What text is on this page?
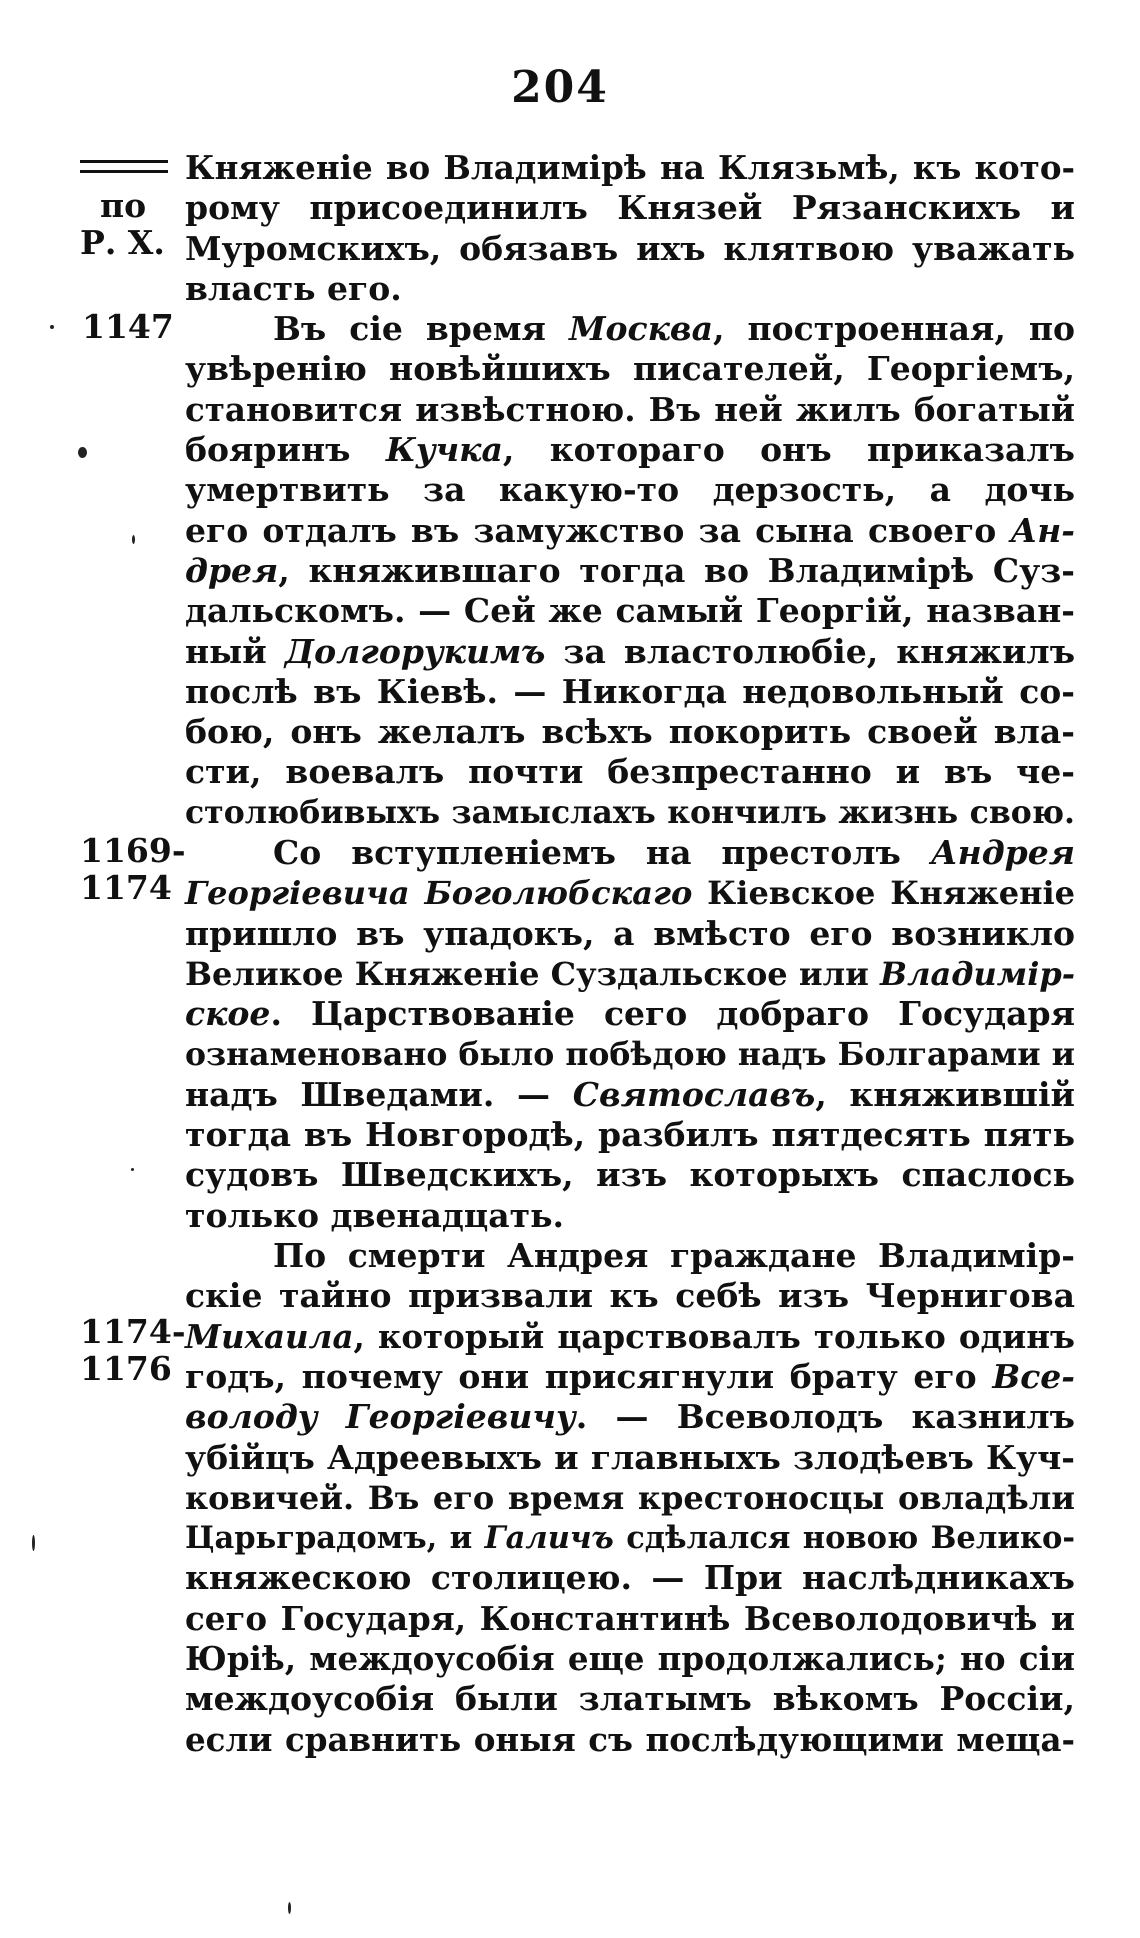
204

по
Р. Х.
1147
1169-
1174
1174-
1176

Княженіе во Владимірѣ на Клязьмѣ, къ кото-

рому присоединилъ Князей Рязанскихъ и

Муромскихъ, обязавъ ихъ клятвою уважать

власть его.

Въ сіе время Москва, построенная, по

увѣренію новѣйшихъ писателей, Георгіемъ,

становится извѣстною. Въ ней жилъ богатый

бояринъ Кучка, котораго онъ приказалъ

умертвить за какую-то дерзость, а дочь

его отдалъ въ замужство за сына своего Ан-

дрея, княжившаго тогда во Владимірѣ Суз-

дальскомъ. — Сей же самый Георгій, назван-

ный Долгорукимъ за властолюбіе, княжилъ

послѣ въ Кіевѣ. — Никогда недовольный со-

бою, онъ желалъ всѣхъ покорить своей вла-

сти, воевалъ почти безпрестанно и въ че-

столюбивыхъ замыслахъ кончилъ жизнь свою.

Со вступленіемъ на престолъ Андрея

Георгіевича Боголюбскаго Кіевское Княженіе

пришло въ упадокъ, а вмѣсто его возникло

Великое Княженіе Суздальское или Владимір-

ское. Царствованіе сего добраго Государя

ознаменовано было побѣдою надъ Болгарами и

надъ Шведами. — Святославъ, княжившій

тогда въ Новгородѣ, разбилъ пятдесять пять

судовъ Шведскихъ, изъ которыхъ спаслось

только двенадцать.

По смерти Андрея граждане Владимір-

скіе тайно призвали къ себѣ изъ Чернигова

Михаила, который царствовалъ только одинъ

годъ, почему они присягнули брату его Все-

володу Георгіевичу. — Всеволодъ казнилъ

убійцъ Адреевыхъ и главныхъ злодѣевъ Куч-

ковичей. Въ его время крестоносцы овладѣли

Царьградомъ, и Галичъ сдѣлался новою Велико-

княжескою столицею. — При наслѣдникахъ

сего Государя, Константинѣ Всеволодовичѣ и

Юріѣ, междоусобія еще продолжались; но сіи

междоусобія были златымъ вѣкомъ Россіи,

если сравнить оныя съ послѣдующими меща-
